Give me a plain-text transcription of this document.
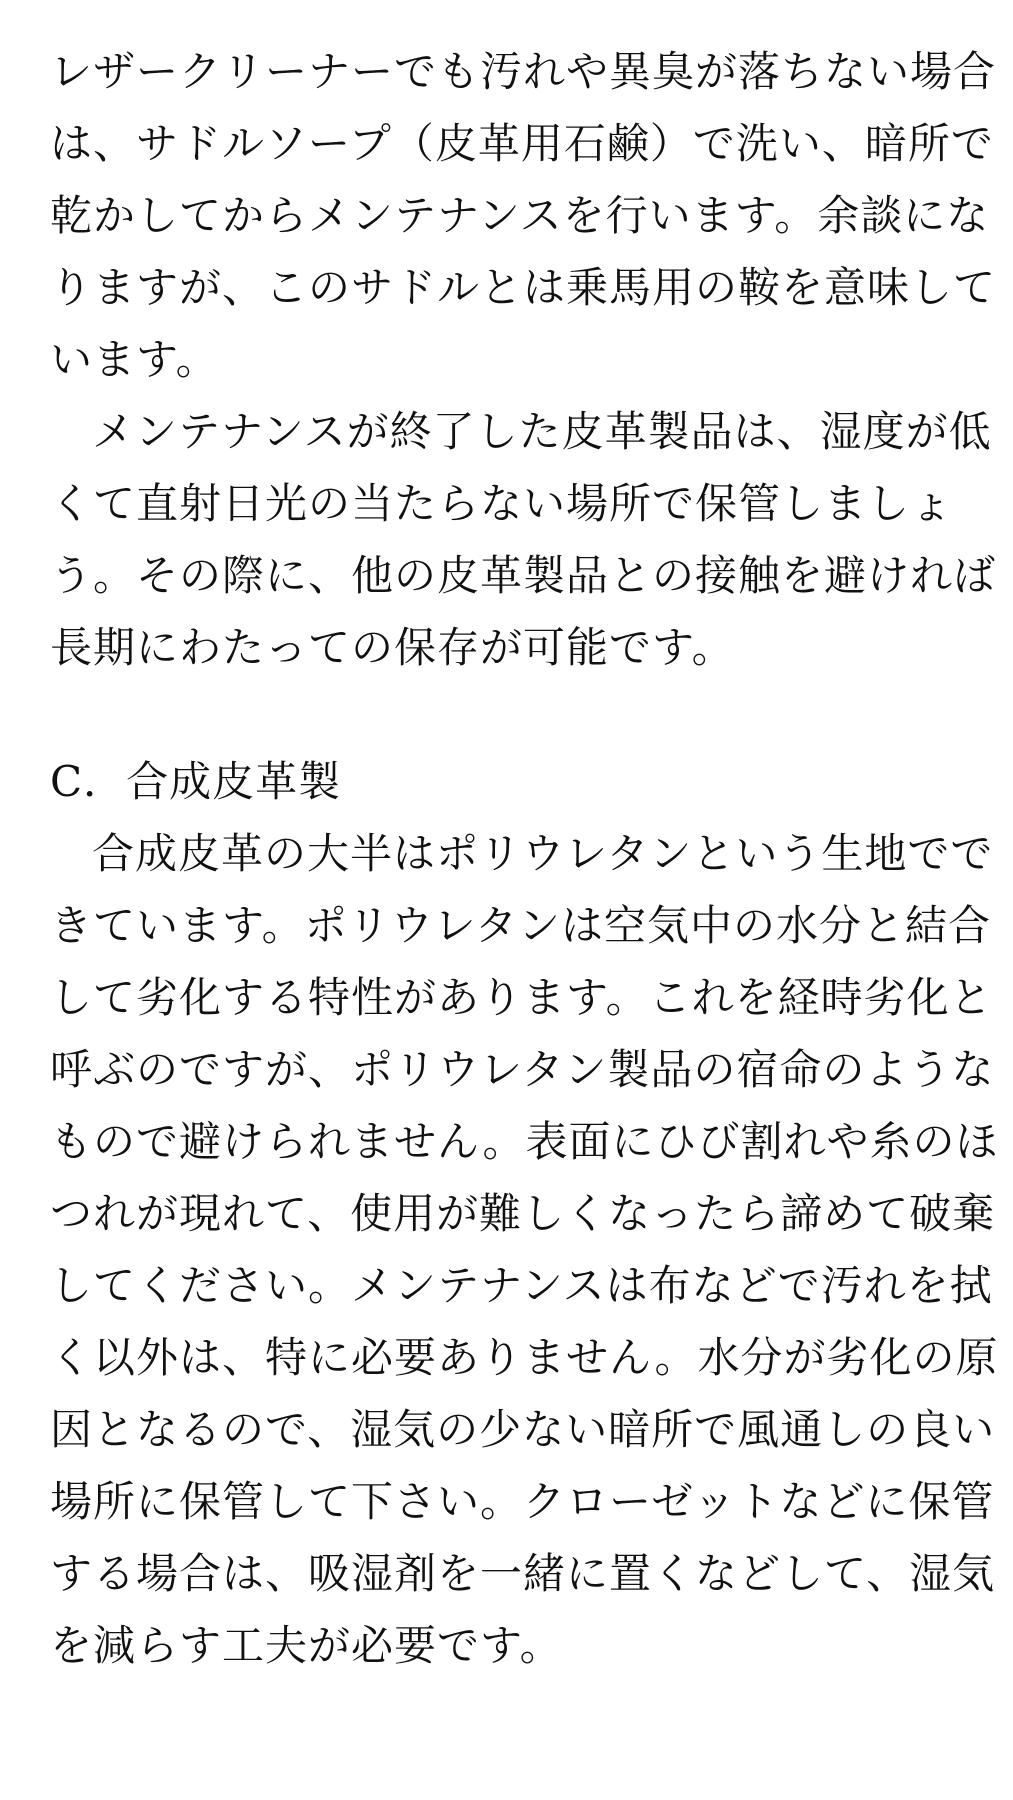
レザークリーナーでも汚れや異臭が落ちない場合
は、サドルソープ（皮革用石鹸）で洗い、暗所で
乾かしてからメンテナンスを行います。余談にな
りますが、このサドルとは乗馬用の鞍を意味して
います。
メンテナンスが終了した皮革製品は、湿度が低
くて直射日光の当たらない場所で保管しましょ
う。その際に、他の皮革製品との接触を避ければ
長期にわたっての保存が可能です。
C．合成皮革製
合成皮革の大半はポリウレタンという生地でで
きています。ポリウレタンは空気中の水分と結合
して劣化する特性があります。これを経時劣化と
呼ぶのですが、ポリウレタン製品の宿命のような
もので避けられません。表面にひび割れや糸のほ
つれが現れて、使用が難しくなったら諦めて破棄
してください。メンテナンスは布などで汚れを拭
く以外は、特に必要ありません。水分が劣化の原
因となるので、湿気の少ない暗所で風通しの良い
場所に保管して下さい。クローゼットなどに保管
する場合は、吸湿剤を一緒に置くなどして、湿気
を減らす工夫が必要です。
